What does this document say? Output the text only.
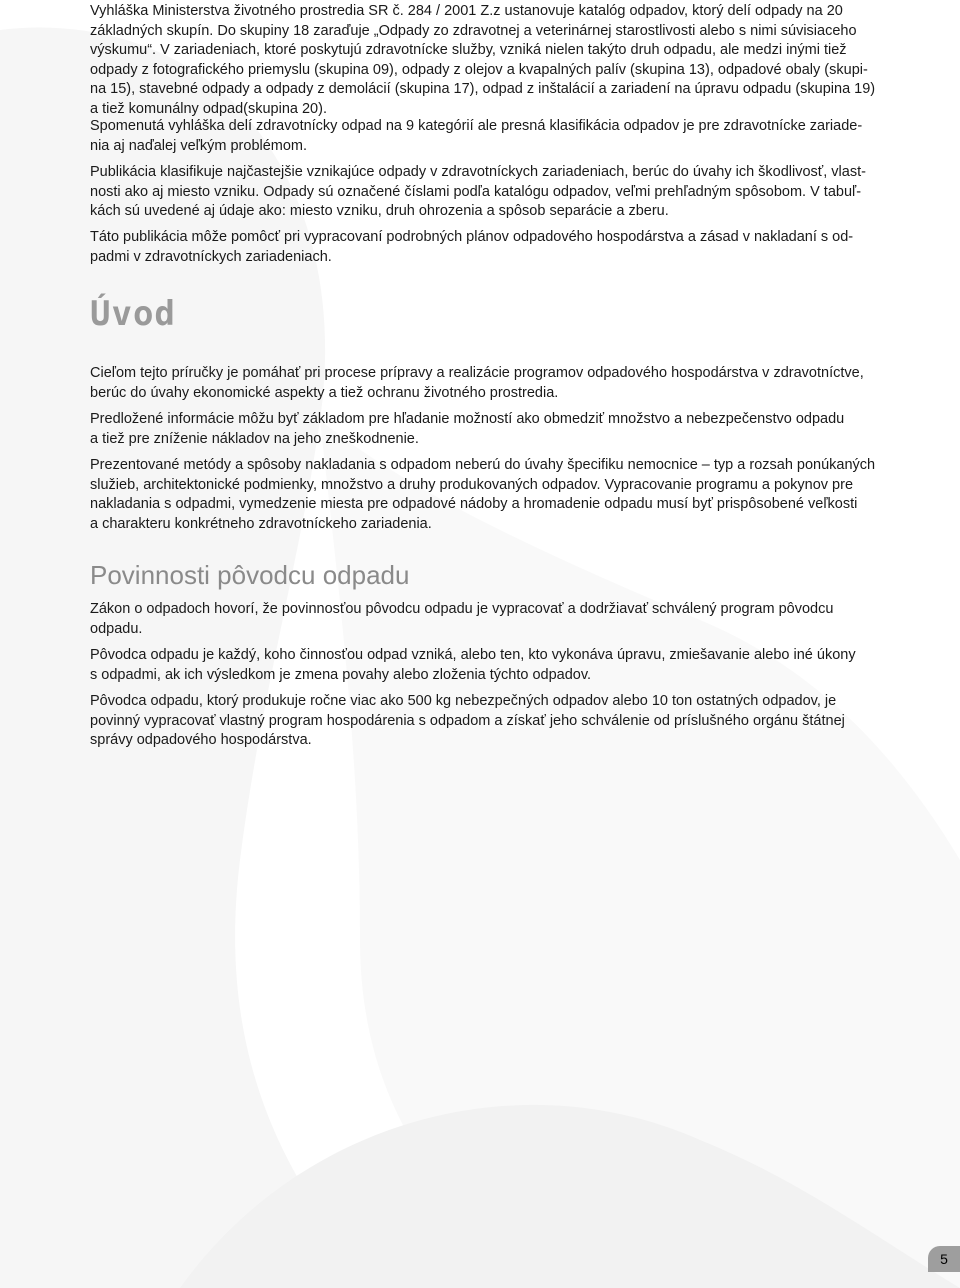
Vyhláška Ministerstva životného prostredia SR č. 284 / 2001 Z.z ustanovuje katalóg odpadov, ktorý delí odpady na 20
základných skupín. Do skupiny 18 zaraďuje „Odpady zo zdravotnej a veterinárnej starostlivosti alebo s nimi súvisiaceho
výskumu“. V zariadeniach, ktoré poskytujú zdravotnícke služby, vzniká nielen takýto druh odpadu, ale medzi inými tiež
odpady z fotografického priemyslu (skupina 09), odpady z olejov a kvapalných palív (skupina 13), odpadové obaly (skupi-
na 15), stavebné odpady a odpady z demolácií (skupina 17), odpad z inštalácií a zariadení na úpravu odpadu (skupina 19)
a tiež komunálny odpad(skupina 20).

Spomenutá vyhláška delí zdravotnícky odpad na 9 kategórií ale presná klasifikácia odpadov je pre zdravotnícke zariade-
nia aj naďalej veľkým problémom.

Publikácia klasifikuje najčastejšie vznikajúce odpady v zdravotníckych zariadeniach, berúc do úvahy ich škodlivosť, vlast-
nosti ako aj miesto vzniku. Odpady sú označené číslami podľa katalógu odpadov, veľmi prehľadným spôsobom. V tabuľ-
kách sú uvedené aj údaje ako: miesto vzniku, druh ohrozenia a spôsob separácie a zberu.

Táto publikácia môže pomôcť pri vypracovaní podrobných plánov odpadového hospodárstva a zásad v nakladaní s od-
padmi v zdravotníckych zariadeniach.

Úvod

Cieľom tejto príručky je pomáhať pri procese prípravy a realizácie programov odpadového hospodárstva v zdravotníctve,
berúc do úvahy ekonomické aspekty a tiež ochranu životného prostredia.

Predložené informácie môžu byť základom pre hľadanie možností ako obmedziť množstvo a nebezpečenstvo odpadu
a tiež pre zníženie nákladov na jeho zneškodnenie.

Prezentované metódy a spôsoby nakladania s odpadom neberú do úvahy špecifiku nemocnice – typ a rozsah ponúkaných
služieb, architektonické podmienky, množstvo a druhy produkovaných odpadov. Vypracovanie programu a pokynov pre
nakladania s odpadmi, vymedzenie miesta pre odpadové nádoby a hromadenie odpadu musí byť prispôsobené veľkosti
a charakteru konkrétneho zdravotníckeho zariadenia.

Povinnosti pôvodcu odpadu

Zákon o odpadoch hovorí, že povinnosťou pôvodcu odpadu je vypracovať a dodržiavať schválený program pôvodcu
odpadu.

Pôvodca odpadu je každý, koho činnosťou odpad vzniká, alebo ten, kto vykonáva úpravu, zmiešavanie alebo iné úkony
s odpadmi, ak ich výsledkom je zmena povahy alebo zloženia týchto odpadov.

Pôvodca odpadu, ktorý produkuje ročne viac ako 500 kg nebezpečných odpadov alebo 10 ton ostatných odpadov, je
povinný vypracovať vlastný program hospodárenia s odpadom a získať jeho schválenie od príslušného orgánu štátnej
správy odpadového hospodárstva.

5
